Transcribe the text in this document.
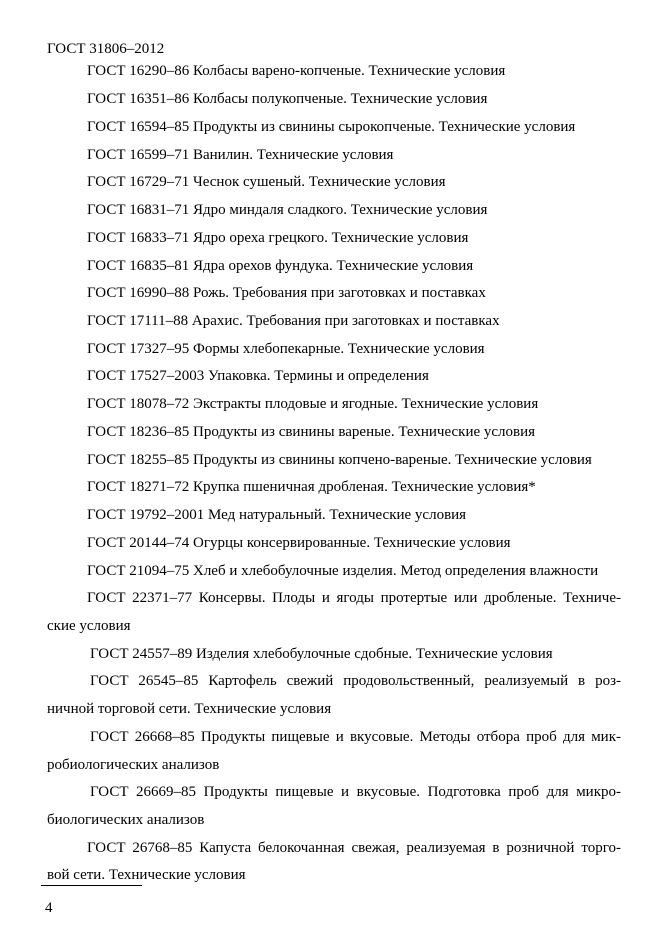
ГОСТ 31806–2012
ГОСТ 16290–86 Колбасы варено-копченые. Технические условия
ГОСТ 16351–86 Колбасы полукопченые. Технические условия
ГОСТ 16594–85 Продукты из свинины сырокопченые. Технические условия
ГОСТ 16599–71 Ванилин. Технические условия
ГОСТ 16729–71 Чеснок сушеный. Технические условия
ГОСТ 16831–71 Ядро миндаля сладкого. Технические условия
ГОСТ 16833–71 Ядро ореха грецкого. Технические условия
ГОСТ 16835–81 Ядра орехов фундука. Технические условия
ГОСТ 16990–88 Рожь. Требования при заготовках и поставках
ГОСТ 17111–88 Арахис. Требования при заготовках и поставках
ГОСТ 17327–95 Формы хлебопекарные. Технические условия
ГОСТ 17527–2003 Упаковка. Термины и определения
ГОСТ 18078–72 Экстракты плодовые и ягодные. Технические условия
ГОСТ 18236–85 Продукты из свинины вареные. Технические условия
ГОСТ 18255–85 Продукты из свинины копчено-вареные. Технические условия
ГОСТ 18271–72 Крупка пшеничная дробленая. Технические условия*
ГОСТ 19792–2001 Мед натуральный. Технические условия
ГОСТ 20144–74 Огурцы консервированные. Технические условия
ГОСТ 21094–75 Хлеб и хлебобулочные изделия. Метод определения влажности
ГОСТ 22371–77 Консервы. Плоды и ягоды протертые или дробленые. Техниче-
ские условия
ГОСТ 24557–89 Изделия хлебобулочные сдобные. Технические условия
ГОСТ 26545–85 Картофель свежий продовольственный, реализуемый в роз-
ничной торговой сети. Технические условия
ГОСТ 26668–85 Продукты пищевые и вкусовые. Методы отбора проб для мик-
робиологических анализов
ГОСТ 26669–85 Продукты пищевые и вкусовые. Подготовка проб для микро-
биологических анализов
ГОСТ 26768–85 Капуста белокочанная свежая, реализуемая в розничной торго-
вой сети. Технические условия
4
